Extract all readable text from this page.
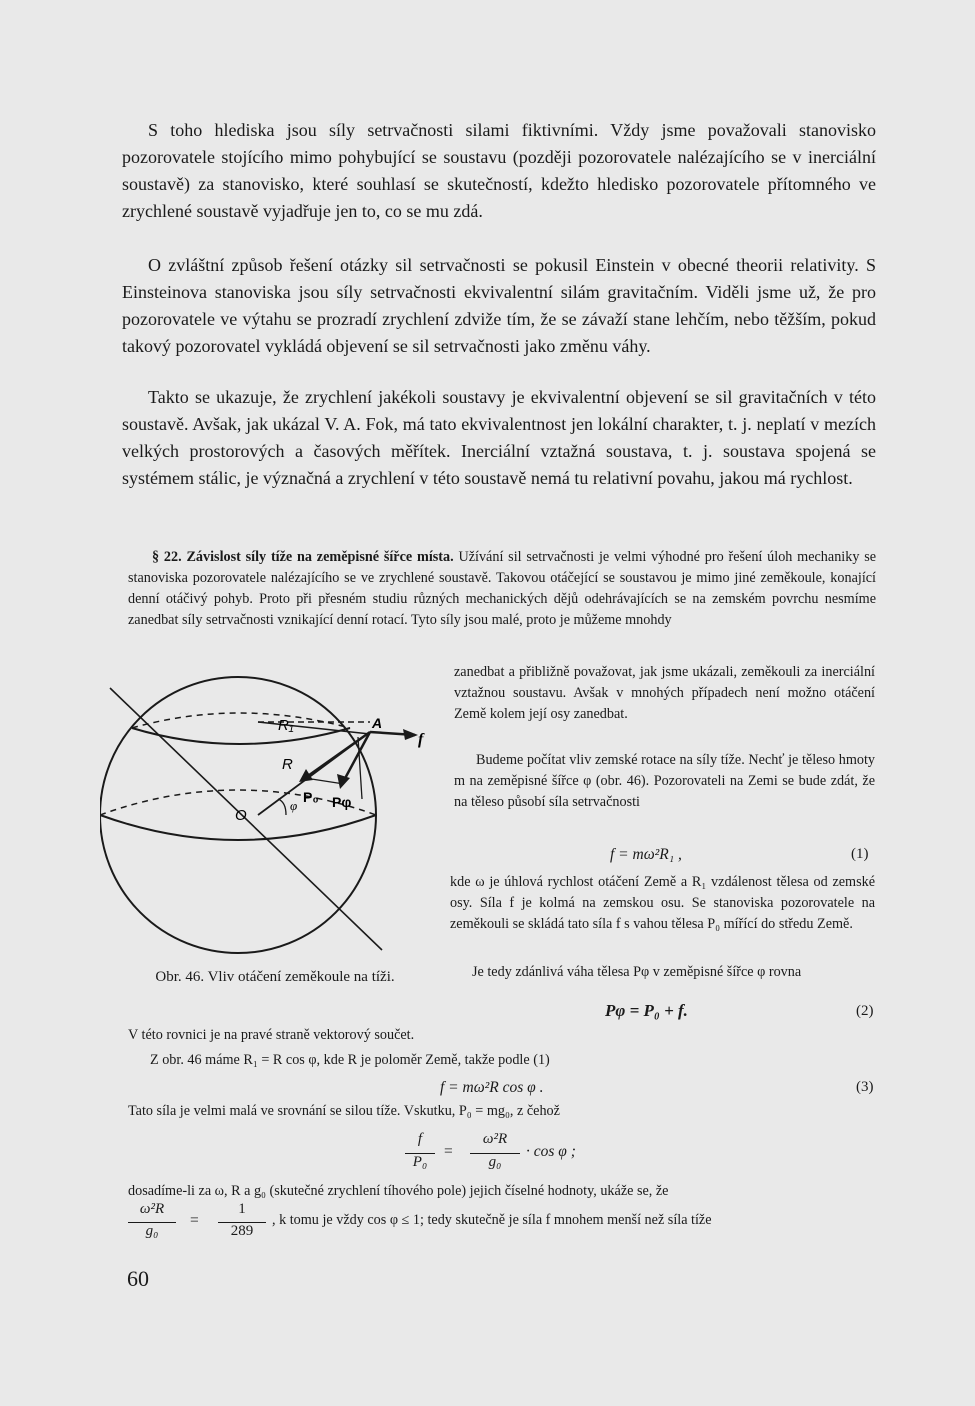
S toho hlediska jsou síly setrvačnosti silami fiktivními. Vždy jsme považovali stanovisko pozorovatele stojícího mimo pohybující se soustavu (později pozorovatele nalézajícího se v inerciální soustavě) za stanovisko, které souhlasí se skutečností, kdežto hledisko pozorovatele přítomného ve zrychlené soustavě vyjadřuje jen to, co se mu zdá.

O zvláštní způsob řešení otázky sil setrvačnosti se pokusil Einstein v obecné theorii relativity. S Einsteinova stanoviska jsou síly setrvačnosti ekvivalentní silám gravitačním. Viděli jsme už, že pro pozorovatele ve výtahu se prozradí zrychlení zdviže tím, že se závaží stane lehčím, nebo těžším, pokud takový pozorovatel vykládá objevení se sil setrvačnosti jako změnu váhy.

Takto se ukazuje, že zrychlení jakékoli soustavy je ekvivalentní objevení se sil gravitačních v této soustavě. Avšak, jak ukázal V. A. Fok, má tato ekvivalentnost jen lokální charakter, t. j. neplatí v mezích velkých prostorových a časových měřítek. Inerciální vztažná soustava, t. j. soustava spojená se systémem stálic, je význačná a zrychlení v této soustavě nemá tu relativní povahu, jakou má rychlost.

§ 22. Závislost síly tíže na zeměpisné šířce místa. Užívání sil setrvačnosti je velmi výhodné pro řešení úloh mechaniky se stanoviska pozorovatele nalézajícího se ve zrychlené soustavě. Takovou otáčející se soustavou je mimo jiné zeměkoule, konající denní otáčivý pohyb. Proto při přesném studiu různých mechanických dějů odehrávajících se na zemském povrchu nesmíme zanedbat síly setrvačnosti vznikající denní rotací. Tyto síly jsou malé, proto je můžeme mnohdy

zanedbat a přibližně považovat, jak jsme ukázali, zeměkouli za inerciální vztažnou soustavu. Avšak v mnohých případech není možno otáčení Země kolem její osy zanedbat.

Budeme počítat vliv zemské rotace na síly tíže. Nechť je těleso hmoty m na zeměpisné šířce φ (obr. 46). Pozorovateli na Zemi se bude zdát, že na těleso působí síla setrvačnosti

f = mω²R₁ ,	(1)

kde ω je úhlová rychlost otáčení Země a R₁ vzdálenost tělesa od zemské osy. Síla f je kolmá na zemskou osu. Se stanoviska pozorovatele na zeměkouli se skládá tato síla f s vahou tělesa P₀ mířící do středu Země.

Je tedy zdánlivá váha tělesa Pφ v zeměpisné šířce φ rovna

Pφ = P₀ + f.	(2)
R₁
R
A
f
O
φ
P₀ Pφ
Obr. 46. Vliv otáčení zeměkoule na tíži.

V této rovnici je na pravé straně vektorový součet.

Z obr. 46 máme R₁ = R cos φ, kde R je poloměr Země, takže podle (1)

f = mω²R cos φ .	(3)

Tato síla je velmi malá ve srovnání se silou tíže. Vskutku, P₀ = mg₀, z čehož

f
P₀
=
ω²R
g₀
· cos φ ;

dosadíme-li za ω, R a g₀ (skutečné zrychlení tíhového pole) jejich číselné hodnoty, ukáže se, že

ω²R
g₀
=
1
289

, k tomu je vždy cos φ ≤ 1; tedy skutečně je síla f mnohem menší než síla tíže

60
